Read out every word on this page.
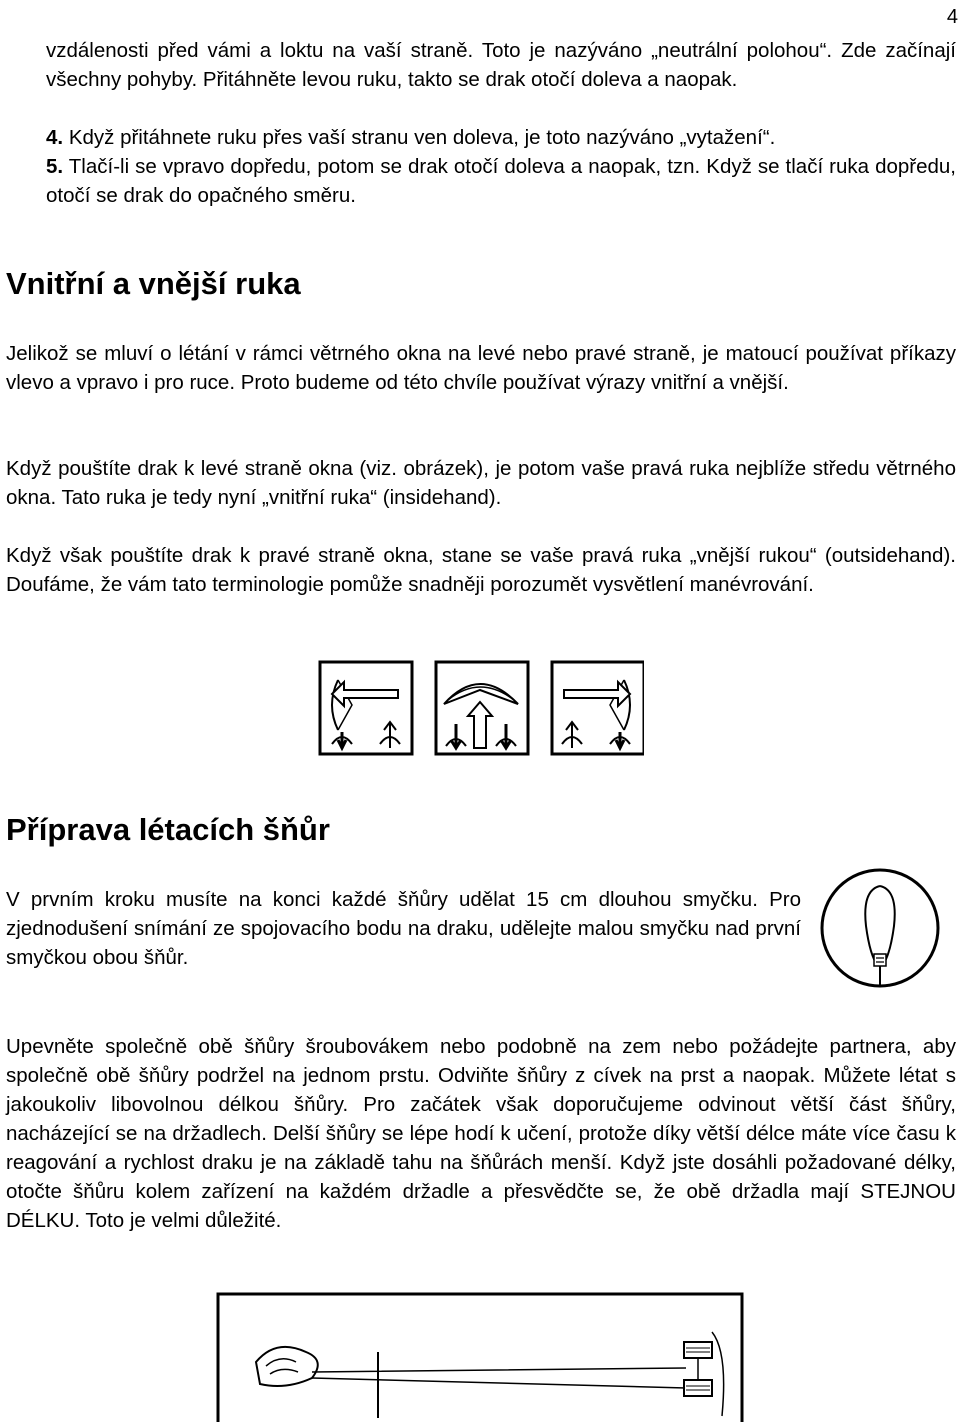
4

vzdálenosti před vámi a loktu na vaší straně. Toto je nazýváno „neutrální polohou“. Zde začínají všechny pohyby. Přitáhněte levou ruku, takto se drak otočí doleva a naopak.

4. Když přitáhnete ruku přes vaší stranu ven doleva, je toto nazýváno „vytažení“.

5. Tlačí-li se vpravo dopředu, potom se drak otočí doleva a naopak, tzn. Když se tlačí ruka dopředu, otočí se drak do opačného směru.

Vnitřní a vnější ruka

Jelikož se mluví o létání v rámci větrného okna na levé nebo pravé straně, je matoucí používat příkazy vlevo a vpravo i pro ruce. Proto budeme od této chvíle používat výrazy vnitřní a vnější.

Když pouštíte drak k levé straně okna (viz. obrázek), je potom vaše pravá ruka nejblíže středu větrného okna. Tato ruka je tedy nyní „vnitřní ruka“ (insidehand).

Když však pouštíte drak k pravé straně okna, stane se vaše pravá ruka „vnější rukou“ (outsidehand). Doufáme, že vám tato terminologie pomůže snadněji porozumět vysvětlení manévrování.

Příprava létacích šňůr

V prvním kroku musíte na konci každé šňůry udělat 15 cm dlouhou smyčku. Pro zjednodušení snímání ze spojovacího bodu na draku, udělejte malou smyčku nad první smyčkou obou šňůr.

Upevněte společně obě šňůry šroubovákem nebo podobně na zem nebo požádejte partnera, aby společně obě šňůry podržel na jednom prstu. Odviňte šňůry z cívek na prst a naopak. Můžete létat s jakoukoliv libovolnou délkou šňůry. Pro začátek však doporučujeme odvinout větší část šňůry, nacházející se na držadlech. Delší šňůry se lépe hodí k učení, protože díky větší délce máte více času k reagování a rychlost draku je na základě tahu na šňůrách menší. Když jste dosáhli požadované délky, otočte šňůru kolem zařízení na každém držadle a přesvědčte se, že obě držadla mají STEJNOU DÉLKU. Toto je velmi důležité.
